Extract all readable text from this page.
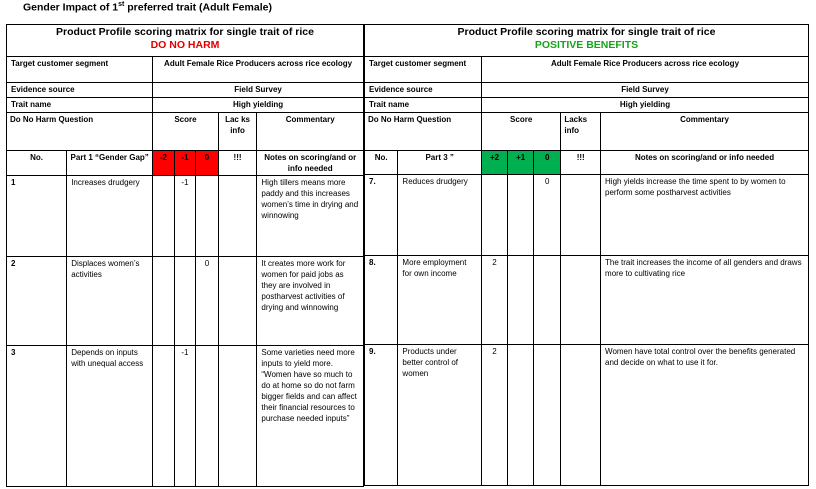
Gender Impact of 1st preferred trait (Adult Female)
Product Profile scoring matrix for single trait of rice
DO NO HARM						

Target customer segment		Adult Female Rice Producers across rice ecology				
Evidence source		Field Survey				
Trait name		High yielding				
Do No Harm Question		Score			Lac ks info	Commentary
No.	Part 1 “Gender Gap”	-2	-1	0	!!!	Notes on scoring/and or info needed
1	Increases drudgery		-1			High tillers means more paddy and this increases women’s time in drying and winnowing
2	Displaces women’s activities			0		It creates more work for women for paid jobs as they are involved in postharvest activities of drying and winnowing
3	Depends on inputs with unequal access		-1			Some varieties need more inputs to yield more. “Women have so much to do at home so do not farm bigger fields and can affect their financial resources to purchase needed inputs”
Product Profile scoring matrix for single trait of rice
POSITIVE BENEFITS						

Target customer segment		Adult Female Rice Producers across rice ecology				
Evidence source		Field Survey				
Trait name		High yielding				
Do No Harm Question		Score			Lacks info	Commentary
No.	Part 3 ”	+2	+1	0	!!!	Notes on scoring/and or info needed
7.	Reduces drudgery			0		High yields increase the time spent to by women to perform some postharvest activities
8.	More employment for own income	2				The trait increases the income of all genders and draws more to cultivating rice
9.	Products under better control of women	2				Women have total control over the benefits generated and decide on what to use it for.
